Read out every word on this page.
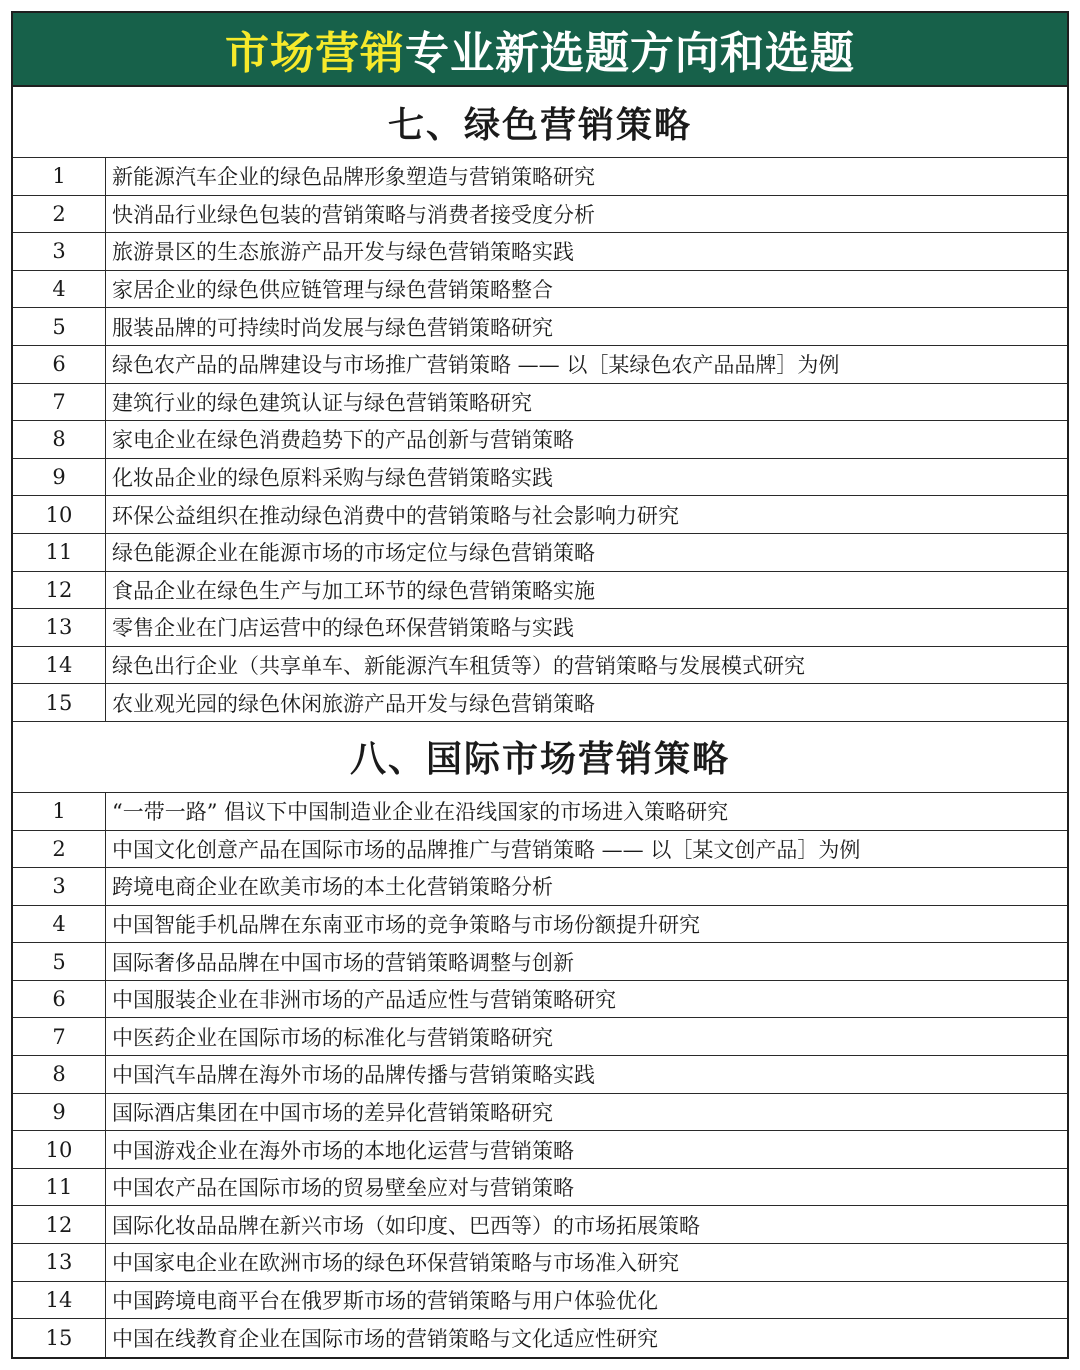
市场营销 专业新选题方向和选题
七、绿色营销策略
1	新能源汽车企业的绿色品牌形象塑造与营销策略研究
2	快消品行业绿色包装的营销策略与消费者接受度分析
3	旅游景区的生态旅游产品开发与绿色营销策略实践
4	家居企业的绿色供应链管理与绿色营销策略整合
5	服装品牌的可持续时尚发展与绿色营销策略研究
6	绿色农产品的品牌建设与市场推广营销策略 —— 以［某绿色农产品品牌］为例
7	建筑行业的绿色建筑认证与绿色营销策略研究
8	家电企业在绿色消费趋势下的产品创新与营销策略
9	化妆品企业的绿色原料采购与绿色营销策略实践
10	环保公益组织在推动绿色消费中的营销策略与社会影响力研究
11	绿色能源企业在能源市场的市场定位与绿色营销策略
12	食品企业在绿色生产与加工环节的绿色营销策略实施
13	零售企业在门店运营中的绿色环保营销策略与实践
14	绿色出行企业（共享单车、新能源汽车租赁等）的营销策略与发展模式研究
15	农业观光园的绿色休闲旅游产品开发与绿色营销策略
八、国际市场营销策略
1	“一带一路” 倡议下中国制造业企业在沿线国家的市场进入策略研究
2	中国文化创意产品在国际市场的品牌推广与营销策略 —— 以［某文创产品］为例
3	跨境电商企业在欧美市场的本土化营销策略分析
4	中国智能手机品牌在东南亚市场的竞争策略与市场份额提升研究
5	国际奢侈品品牌在中国市场的营销策略调整与创新
6	中国服装企业在非洲市场的产品适应性与营销策略研究
7	中医药企业在国际市场的标准化与营销策略研究
8	中国汽车品牌在海外市场的品牌传播与营销策略实践
9	国际酒店集团在中国市场的差异化营销策略研究
10	中国游戏企业在海外市场的本地化运营与营销策略
11	中国农产品在国际市场的贸易壁垒应对与营销策略
12	国际化妆品品牌在新兴市场（如印度、巴西等）的市场拓展策略
13	中国家电企业在欧洲市场的绿色环保营销策略与市场准入研究
14	中国跨境电商平台在俄罗斯市场的营销策略与用户体验优化
15	中国在线教育企业在国际市场的营销策略与文化适应性研究
